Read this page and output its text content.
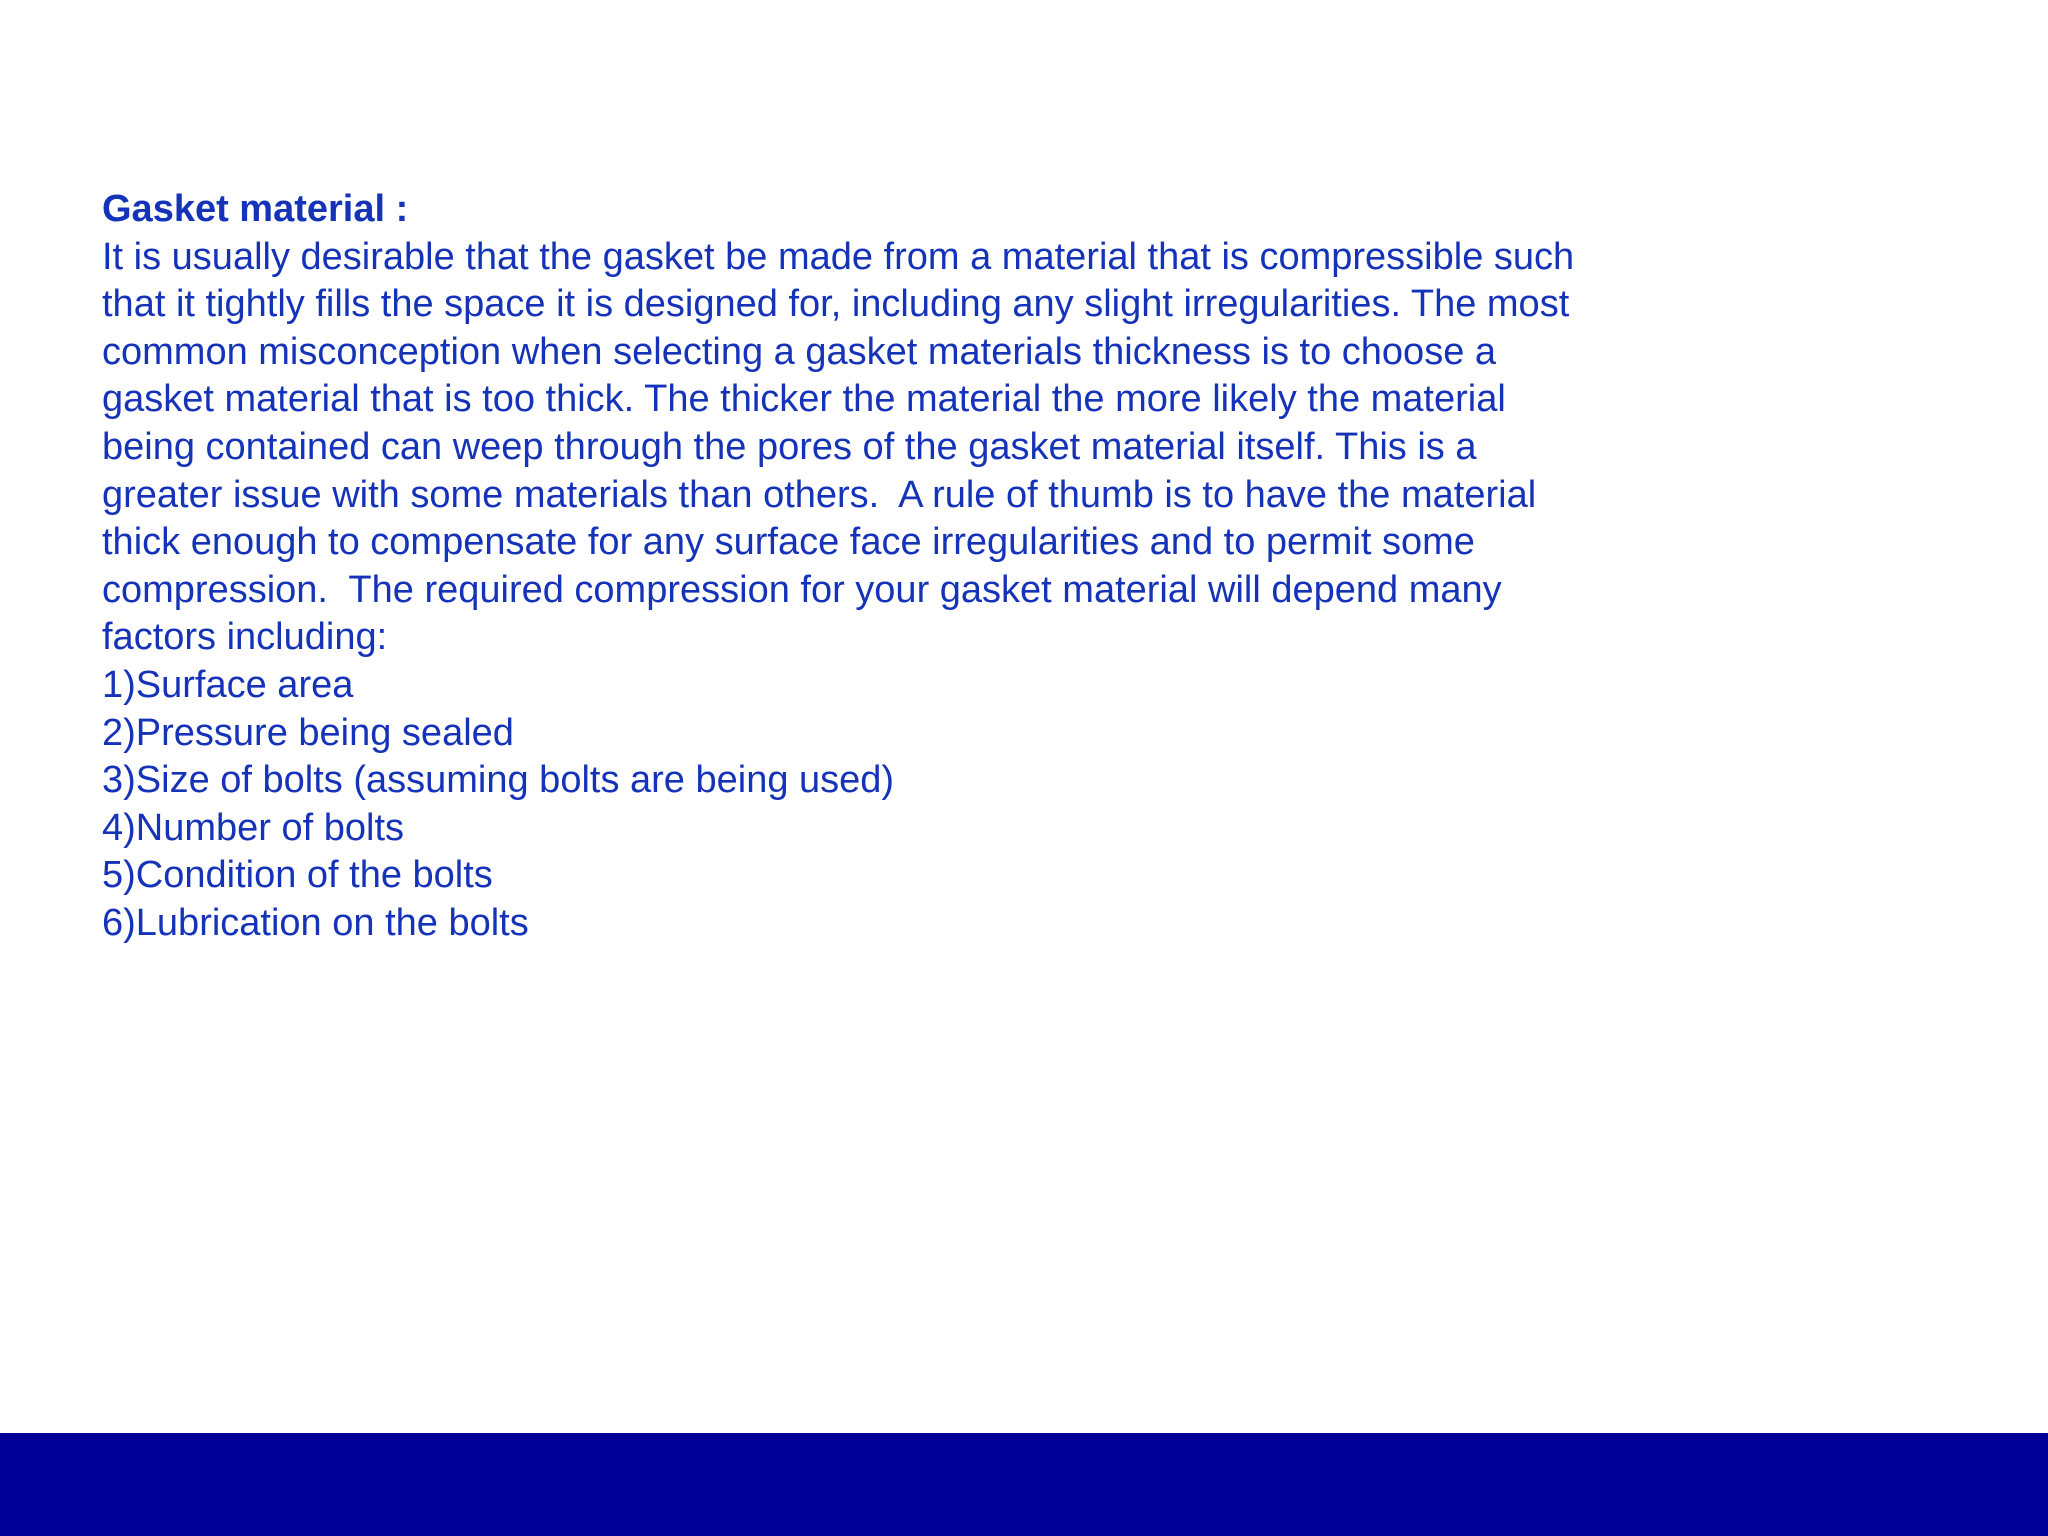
Gasket material :
It is usually desirable that the gasket be made from a material that is compressible such
that it tightly fills the space it is designed for, including any slight irregularities. The most
common misconception when selecting a gasket materials thickness is to choose a
gasket material that is too thick. The thicker the material the more likely the material
being contained can weep through the pores of the gasket material itself. This is a
greater issue with some materials than others.  A rule of thumb is to have the material
thick enough to compensate for any surface face irregularities and to permit some
compression.  The required compression for your gasket material will depend many
factors including:
1)Surface area
2)Pressure being sealed
3)Size of bolts (assuming bolts are being used)
4)Number of bolts
5)Condition of the bolts
6)Lubrication on the bolts
